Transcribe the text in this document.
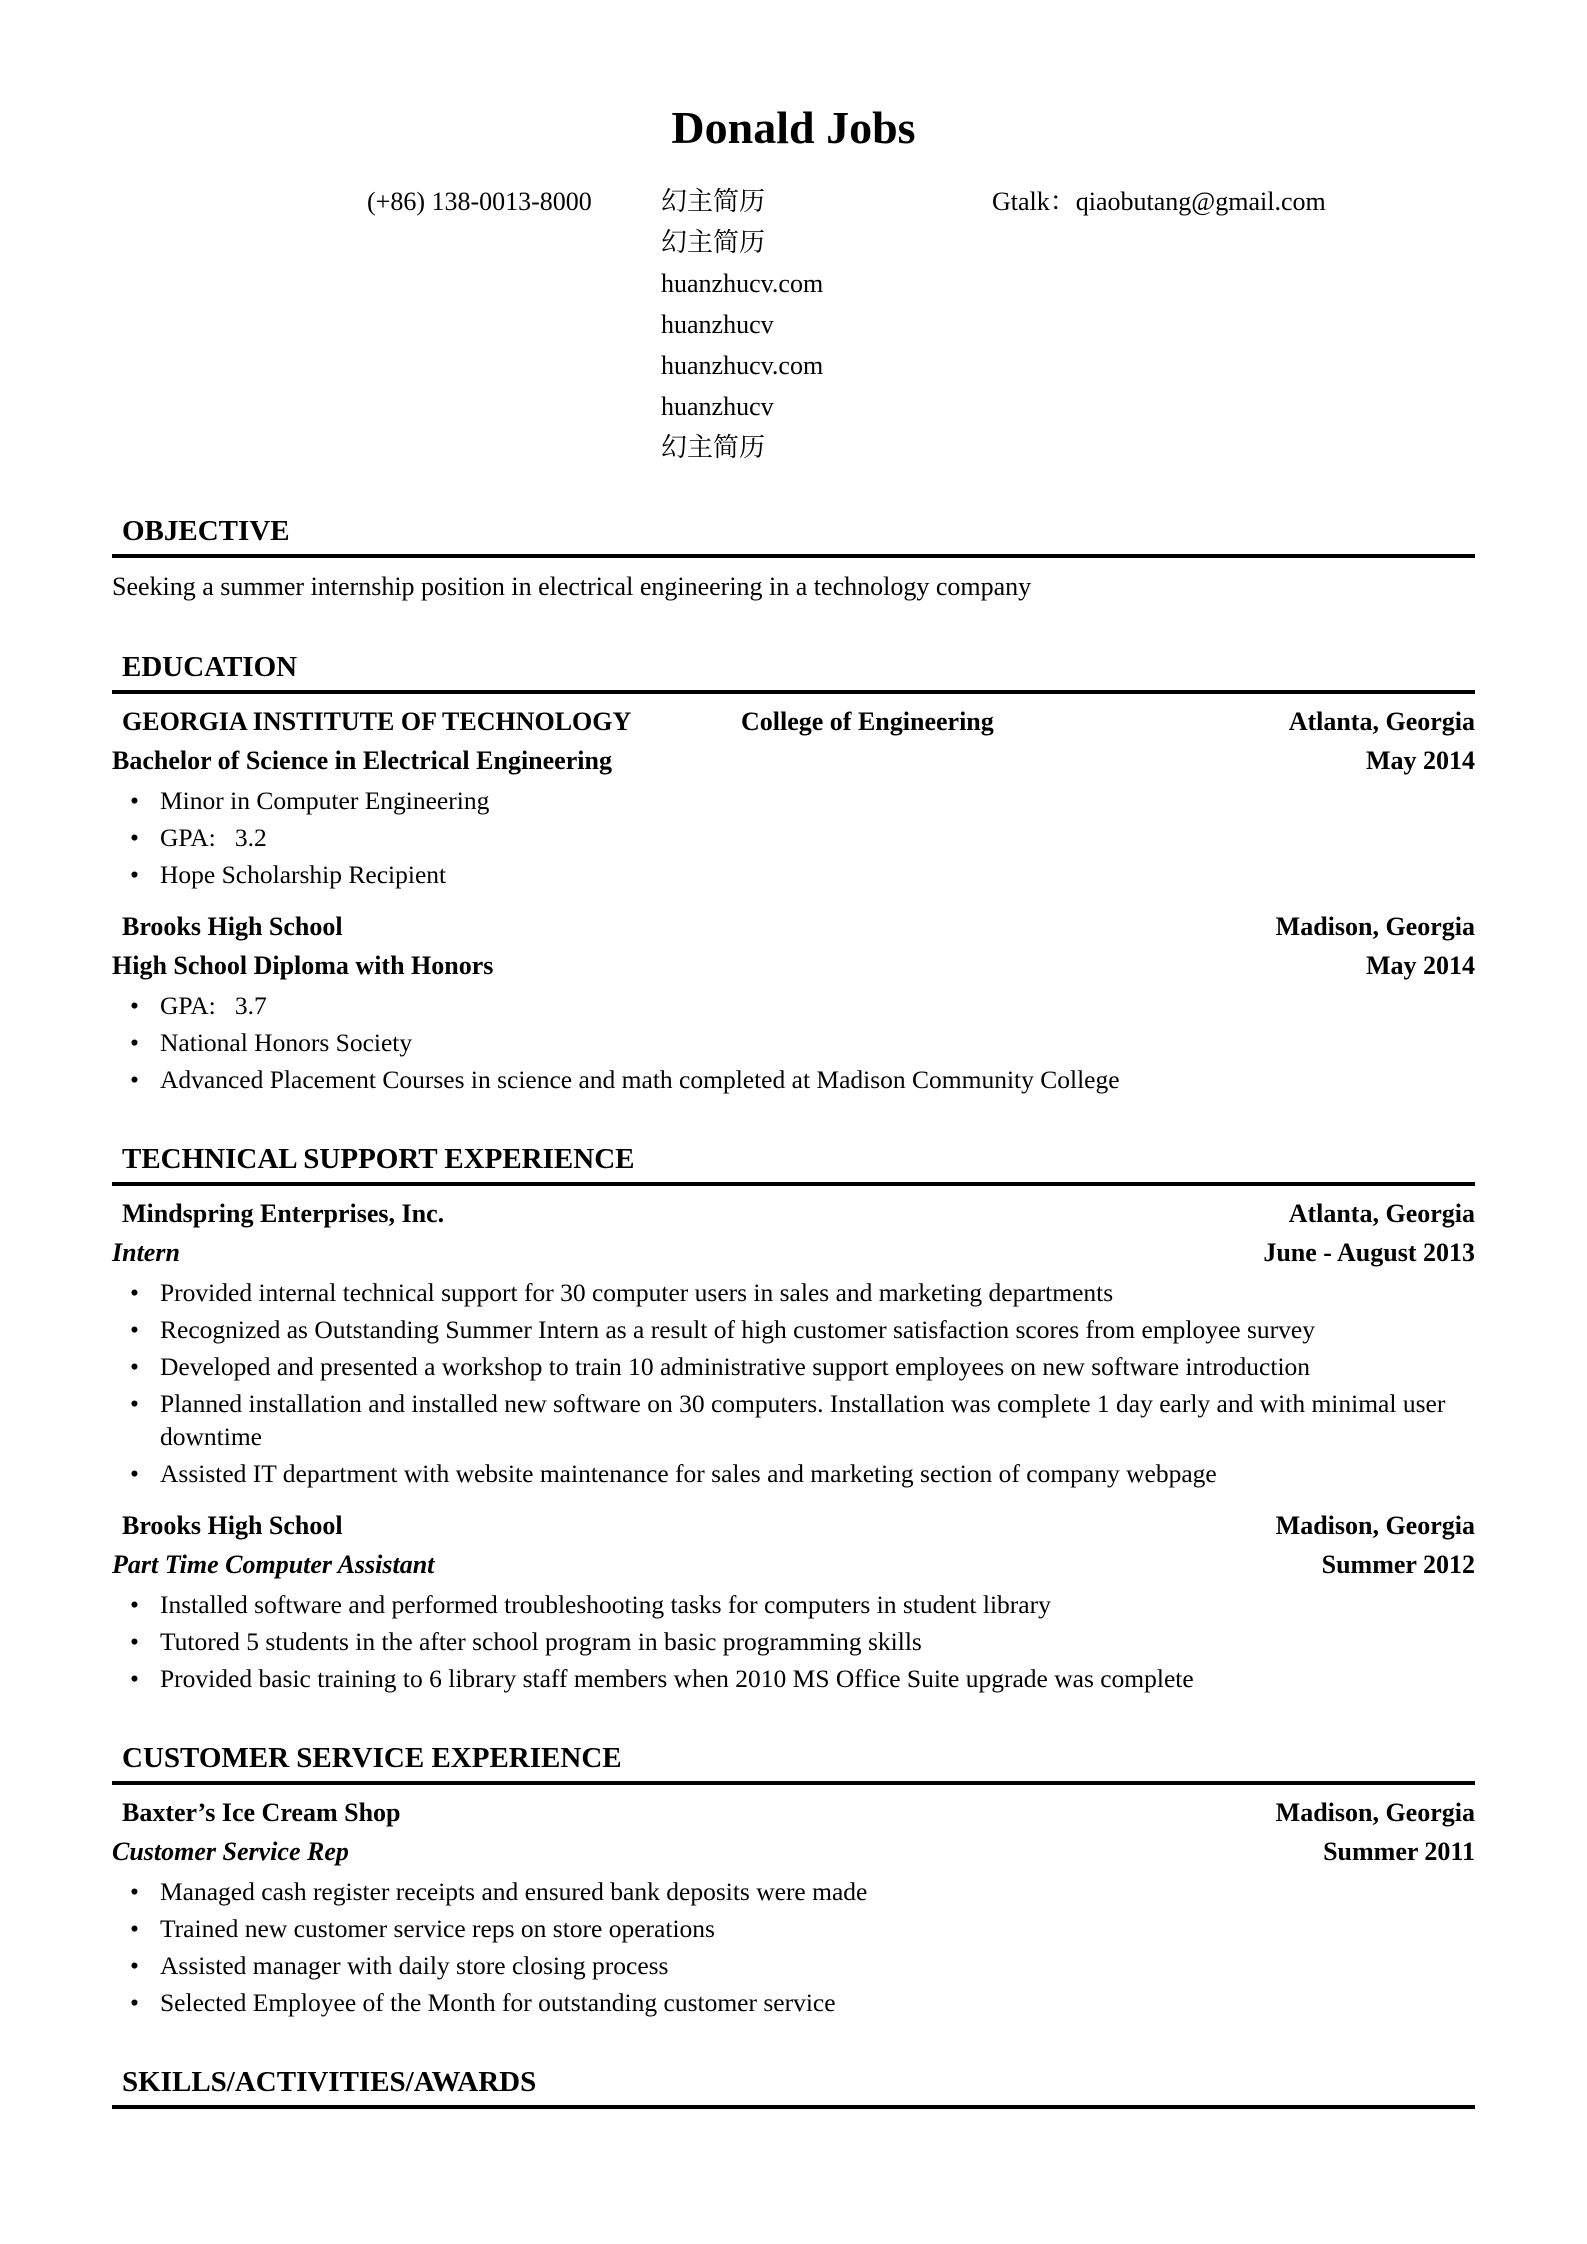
Donald Jobs
(+86) 138-0013-8000	幻主简历
幻主简历
huanzhucv.com
huanzhucv
huanzhucv.com
huanzhucv
幻主简历
Gtalk：qiaobutang@gmail.com
OBJECTIVE

Seeking a summer internship position in electrical engineering in a technology company

EDUCATION
GEORGIA INSTITUTE OF TECHNOLOGY	College of Engineering	Atlanta, Georgia
Bachelor of Science in Electrical Engineering	May 2014
• Minor in Computer Engineering
• GPA:   3.2
• Hope Scholarship Recipient
Brooks High School	Madison, Georgia
High School Diploma with Honors	May 2014
• GPA:   3.7
• National Honors Society
• Advanced Placement Courses in science and math completed at Madison Community College
TECHNICAL SUPPORT EXPERIENCE
Mindspring Enterprises, Inc.	Atlanta, Georgia
Intern	June - August 2013
• Provided internal technical support for 30 computer users in sales and marketing departments
• Recognized as Outstanding Summer Intern as a result of high customer satisfaction scores from employee survey
• Developed and presented a workshop to train 10 administrative support employees on new software introduction
• Planned installation and installed new software on 30 computers. Installation was complete 1 day early and with minimal user downtime
• Assisted IT department with website maintenance for sales and marketing section of company webpage
Brooks High School	Madison, Georgia
Part Time Computer Assistant	Summer 2012
• Installed software and performed troubleshooting tasks for computers in student library
• Tutored 5 students in the after school program in basic programming skills
• Provided basic training to 6 library staff members when 2010 MS Office Suite upgrade was complete
CUSTOMER SERVICE EXPERIENCE
Baxter’s Ice Cream Shop	Madison, Georgia
Customer Service Rep	Summer 2011
• Managed cash register receipts and ensured bank deposits were made
• Trained new customer service reps on store operations
• Assisted manager with daily store closing process
• Selected Employee of the Month for outstanding customer service
SKILLS/ACTIVITIES/AWARDS
